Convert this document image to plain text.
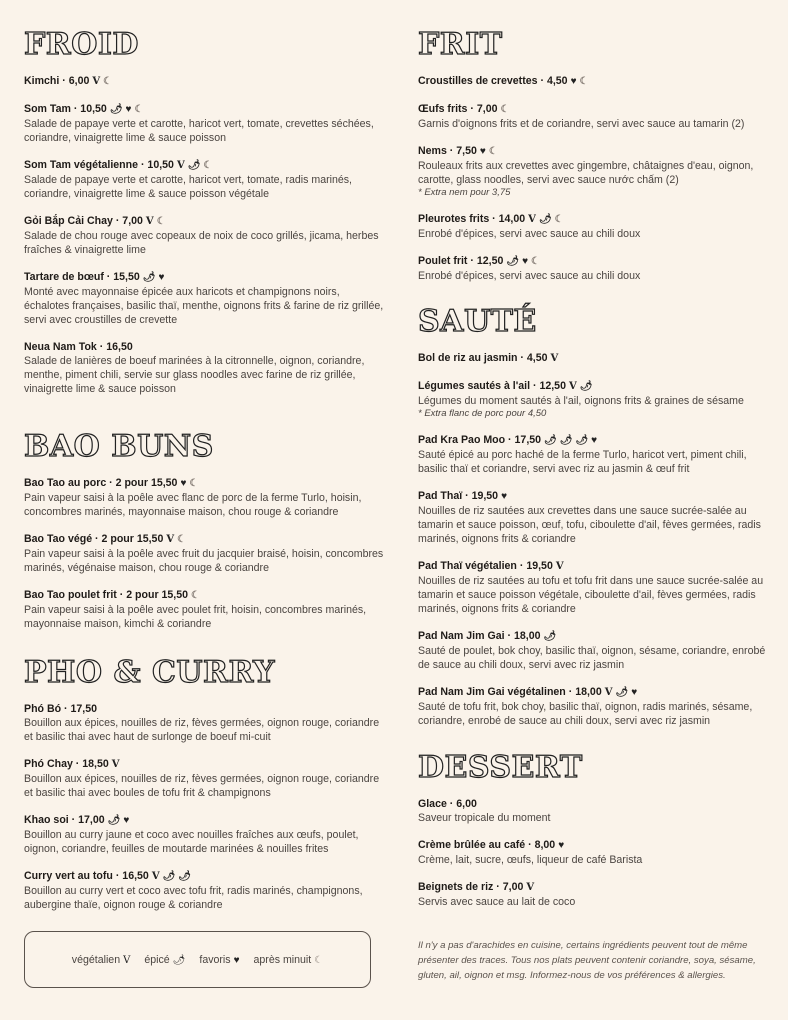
FROID
Kimchi · 6,00 V ☾
Som Tam · 10,50 🌶 ♥ ☾
Salade de papaye verte et carotte, haricot vert, tomate, crevettes séchées, coriandre, vinaigrette lime & sauce poisson
Som Tam végétalienne · 10,50 V 🌶 ☾
Salade de papaye verte et carotte, haricot vert, tomate, radis marinés, coriandre, vinaigrette lime & sauce poisson végétale
Gỏi Bắp Cải Chay · 7,00 V ☾
Salade de chou rouge avec copeaux de noix de coco grillés, jicama, herbes fraîches & vinaigrette lime
Tartare de bœuf · 15,50 🌶 ♥
Monté avec mayonnaise épicée aux haricots et champignons noirs, échalotes françaises, basilic thaï, menthe, oignons frits & farine de riz grillée, servi avec croustilles de crevette
Neua Nam Tok · 16,50
Salade de lanières de boeuf marinées à la citronnelle, oignon, coriandre, menthe, piment chili, servie sur glass noodles avec farine de riz grillée, vinaigrette lime & sauce poisson
BAO BUNS
Bao Tao au porc · 2 pour 15,50 ♥ ☾
Pain vapeur saisi à la poêle avec flanc de porc de la ferme Turlo, hoisin, concombres marinés, mayonnaise maison, chou rouge & coriandre
Bao Tao végé · 2 pour 15,50 V ☾
Pain vapeur saisi à la poêle avec fruit du jacquier braisé, hoisin, concombres marinés, végénaise maison, chou rouge & coriandre
Bao Tao poulet frit · 2 pour 15,50 ☾
Pain vapeur saisi à la poêle avec poulet frit, hoisin, concombres marinés, mayonnaise maison, kimchi & coriandre
PHO & CURRY
Phó Bó · 17,50
Bouillon aux épices, nouilles de riz, fèves germées, oignon rouge, coriandre et basilic thai avec haut de surlonge de boeuf mi-cuit
Phó Chay · 18,50 V
Bouillon aux épices, nouilles de riz, fèves germées, oignon rouge, coriandre et basilic thai avec boules de tofu frit & champignons
Khao soi · 17,00 🌶 ♥
Bouillon au curry jaune et coco avec nouilles fraîches aux œufs, poulet, oignon, coriandre, feuilles de moutarde marinées & nouilles frites
Curry vert au tofu · 16,50 V 🌶 🌶
Bouillon au curry vert et coco avec tofu frit, radis marinés, champignons, aubergine thaïe, oignon rouge & coriandre
FRIT
Croustilles de crevettes · 4,50 ♥ ☾
Œufs frits · 7,00 ☾
Garnis d'oignons frits et de coriandre, servi avec sauce au tamarin (2)
Nems · 7,50 ♥ ☾
Rouleaux frits aux crevettes avec gingembre, châtaignes d'eau, oignon, carotte, glass noodles, servi avec sauce nước chấm (2)
* Extra nem pour 3,75
Pleurotes frits · 14,00 V 🌶 ☾
Enrobé d'épices, servi avec sauce au chili doux
Poulet frit · 12,50 🌶 ♥ ☾
Enrobé d'épices, servi avec sauce au chili doux
SAUTÉ
Bol de riz au jasmin · 4,50 V
Légumes sautés à l'ail · 12,50 V 🌶
Légumes du moment sautés à l'ail, oignons frits & graines de sésame
* Extra flanc de porc pour 4,50
Pad Kra Pao Moo · 17,50 🌶 🌶 🌶 ♥
Sauté épicé au porc haché de la ferme Turlo, haricot vert, piment chili, basilic thaï et coriandre, servi avec riz au jasmin & œuf frit
Pad Thaï · 19,50 ♥
Nouilles de riz sautées aux crevettes dans une sauce sucrée-salée au tamarin et sauce poisson, œuf, tofu, ciboulette d'ail, fèves germées, radis marinés, oignons frits & coriandre
Pad Thaï végétalien · 19,50 V
Nouilles de riz sautées au tofu et tofu frit dans une sauce sucrée-salée au tamarin et sauce poisson végétale, ciboulette d'ail, fèves germées, radis marinés, oignons frits & coriandre
Pad Nam Jim Gai · 18,00 🌶
Sauté de poulet, bok choy, basilic thaï, oignon, sésame, coriandre, enrobé de sauce au chili doux, servi avec riz jasmin
Pad Nam Jim Gai végétalinen · 18,00 V 🌶 ♥
Sauté de tofu frit, bok choy, basilic thaï, oignon, radis marinés, sésame, coriandre, enrobé de sauce au chili doux, servi avec riz jasmin
DESSERT
Glace · 6,00
Saveur tropicale du moment
Crème brûlée au café · 8,00 ♥
Crème, lait, sucre, œufs, liqueur de café Barista
Beignets de riz · 7,00 V
Servis avec sauce au lait de coco
végétalien V épicé 🌶 favoris ♥ après minuit ☾
Il n'y a pas d'arachides en cuisine, certains ingrédients peuvent tout de même présenter des traces. Tous nos plats peuvent contenir coriandre, soya, sésame, gluten, ail, oignon et msg. Informez-nous de vos préférences & allergies.
